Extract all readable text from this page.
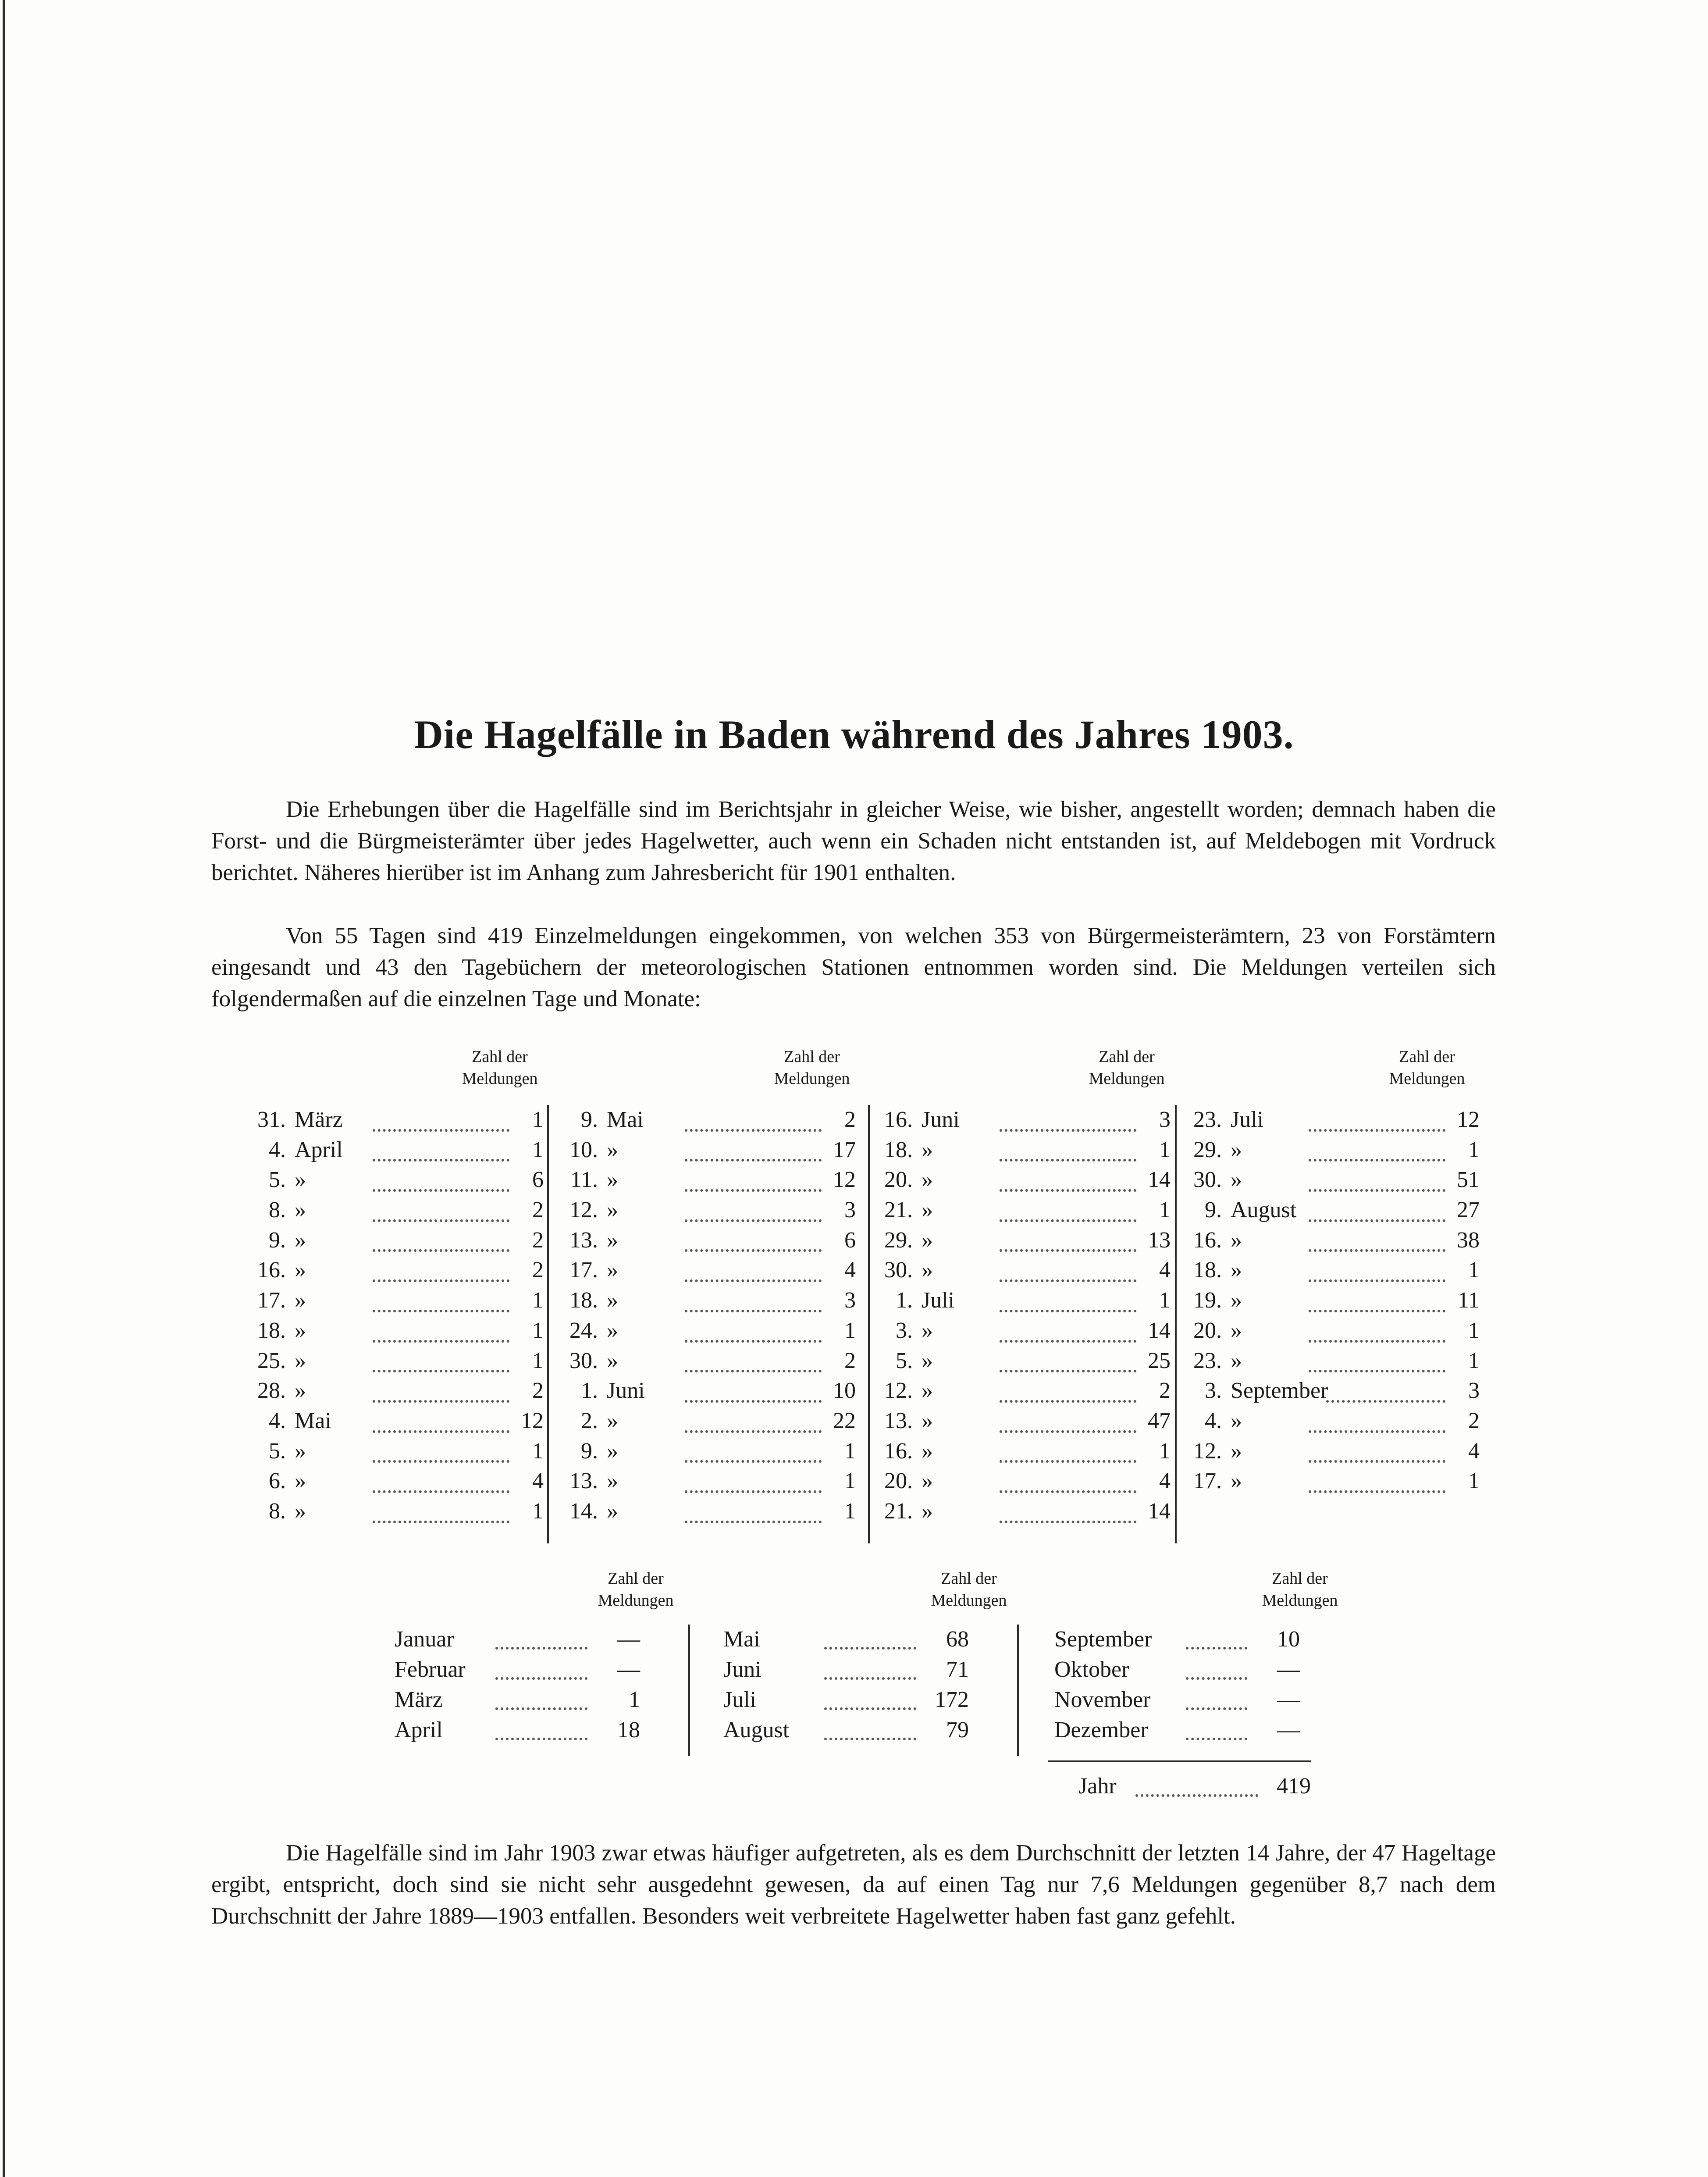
Die Hagelfälle in Baden während des Jahres 1903.

Die Erhebungen über die Hagelfälle sind im Berichtsjahr in gleicher Weise, wie bisher, angestellt worden; demnach haben die Forst- und die Bürgmeisterämter über jedes Hagelwetter, auch wenn ein Schaden nicht entstanden ist, auf Meldebogen mit Vordruck berichtet. Näheres hierüber ist im Anhang zum Jahresbericht für 1901 enthalten.

Von 55 Tagen sind 419 Einzelmeldungen eingekommen, von welchen 353 von Bürgermeisterämtern, 23 von Forstämtern eingesandt und 43 den Tagebüchern der meteorologischen Stationen entnommen worden sind. Die Meldungen verteilen sich folgendermaßen auf die einzelnen Tage und Monate:

Zahl der Meldungen
31. März	1
4. April	1
5. »	6
8. »	2
9. »	2
16. »	2
17. »	1
18. »	1
25. »	1
28. »	2
4. Mai	12
5. »	1
6. »	4
8. »	1
Zahl der Meldungen
9. Mai	2
10. »	17
11. »	12
12. »	3
13. »	6
17. »	4
18. »	3
24. »	1
30. »	2
1. Juni	10
2. »	22
9. »	1
13. »	1
14. »	1
Zahl der Meldungen
16. Juni	3
18. »	1
20. »	14
21. »	1
29. »	13
30. »	4
1. Juli	1
3. »	14
5. »	25
12. »	2
13. »	47
16. »	1
20. »	4
21. »	14
Zahl der Meldungen
23. Juli	12
29. »	1
30. »	51
9. August	27
16. »	38
18. »	1
19. »	11
20. »	1
23. »	1
3. September	3
4. »	2
12. »	4
17. »	1
Zahl der Meldungen
Januar	—
Februar	—
März	1
April	18
Zahl der Meldungen
Mai	68
Juni	71
Juli	172
August	79
Zahl der Meldungen
September	10
Oktober	—
November	—
Dezember	—
Jahr	419

Die Hagelfälle sind im Jahr 1903 zwar etwas häufiger aufgetreten, als es dem Durchschnitt der letzten 14 Jahre, der 47 Hageltage ergibt, entspricht, doch sind sie nicht sehr ausgedehnt gewesen, da auf einen Tag nur 7,6 Meldungen gegenüber 8,7 nach dem Durchschnitt der Jahre 1889—1903 entfallen. Besonders weit verbreitete Hagelwetter haben fast ganz gefehlt.
